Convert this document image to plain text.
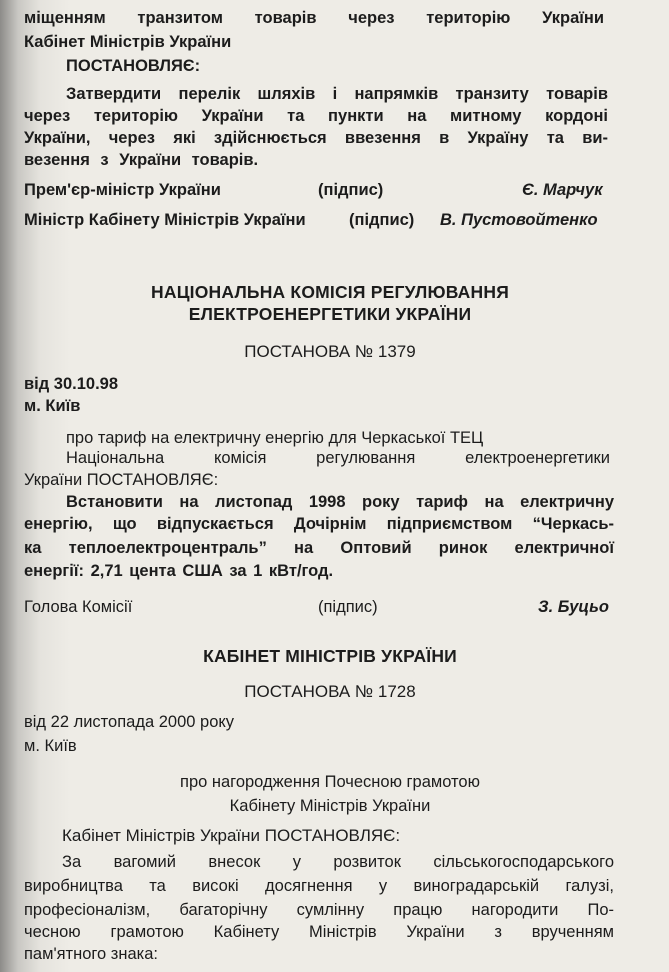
міщенням транзитом товарів через територію України
Кабінет Міністрів України
ПОСТАНОВЛЯЄ:
Затвердити перелік шляхів і напрямків транзиту товарів
через територію України та пункти на митному кордоні
України, через які здійснюється ввезення в Україну та ви-
везення з України товарів.
Прем'єр-міністр України	(підпис)	Є. Марчук
Міністр Кабінету Міністрів України	(підпис) В. Пустовойтенко
НАЦІОНАЛЬНА КОМІСІЯ РЕГУЛЮВАННЯ
ЕЛЕКТРОЕНЕРГЕТИКИ УКРАЇНИ
ПОСТАНОВА № 1379
від 30.10.98
м. Київ
про тариф на електричну енергію для Черкаської ТЕЦ
Національна комісія регулювання електроенергетики
України ПОСТАНОВЛЯЄ:
Встановити на листопад 1998 року тариф на електричну
енергію, що відпускається Дочірнім підприємством “Черкась-
ка теплоелектроцентраль” на Оптовий ринок електричної
енергії: 2,71 цента США за 1 кВт/год.
Голова Комісії	(підпис)	З. Буцьо
КАБІНЕТ МІНІСТРІВ УКРАЇНИ
ПОСТАНОВА № 1728
від 22 листопада 2000 року
м. Київ
про нагородження Почесною грамотою
Кабінету Міністрів України
Кабінет Міністрів України ПОСТАНОВЛЯЄ:
За вагомий внесок у розвиток сільськогосподарського
виробництва та високі досягнення у виноградарській галузі,
професіоналізм, багаторічну сумлінну працю нагородити По-
чесною грамотою Кабінету Міністрів України з врученням
пам'ятного знака:
